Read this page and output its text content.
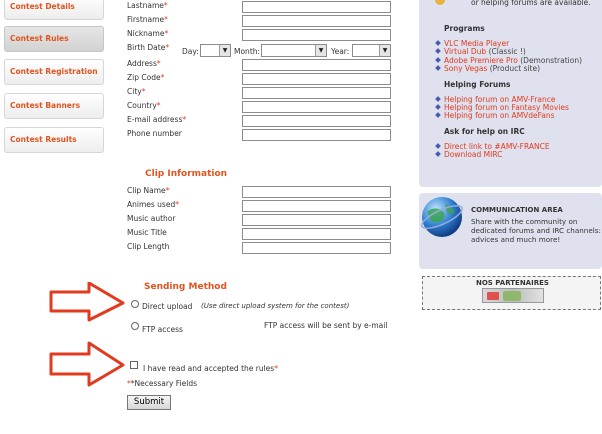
Contest Details
Contest Rules
Contest Registration
Contest Banners
Contest Results
Lastname*
Firstname*
Nickname*
Birth Date* Day:	▼ Month:	▼	Year:	▼
Address*
Zip Code*
City*
Country*
E-mail address*
Phone number
Clip Information
Clip Name*
Animes used*
Music author
Music Title
Clip Length
Sending Method
Direct upload (Use direct upload system for the contest)
FTP access	FTP access will be sent by e-mail
I have read and accepted the rules*
**Necessary Fields
Submit
or helping forums are available.
Programs
VLC Media Player
Virtual Dub (Classic !)
Adobe Premiere Pro (Demonstration)
Sony Vegas (Product site)
Helping Forums
Helping forum on AMV-France
Helping forum on Fantasy Movies
Helping forum on AMVdeFans
Ask for help on IRC
Direct link to #AMV-FRANCE
Download MIRC
COMMUNICATION AREA
Share with the community on dedicated forums and IRC channels: advices and much more!
NOS PARTENAIRES
